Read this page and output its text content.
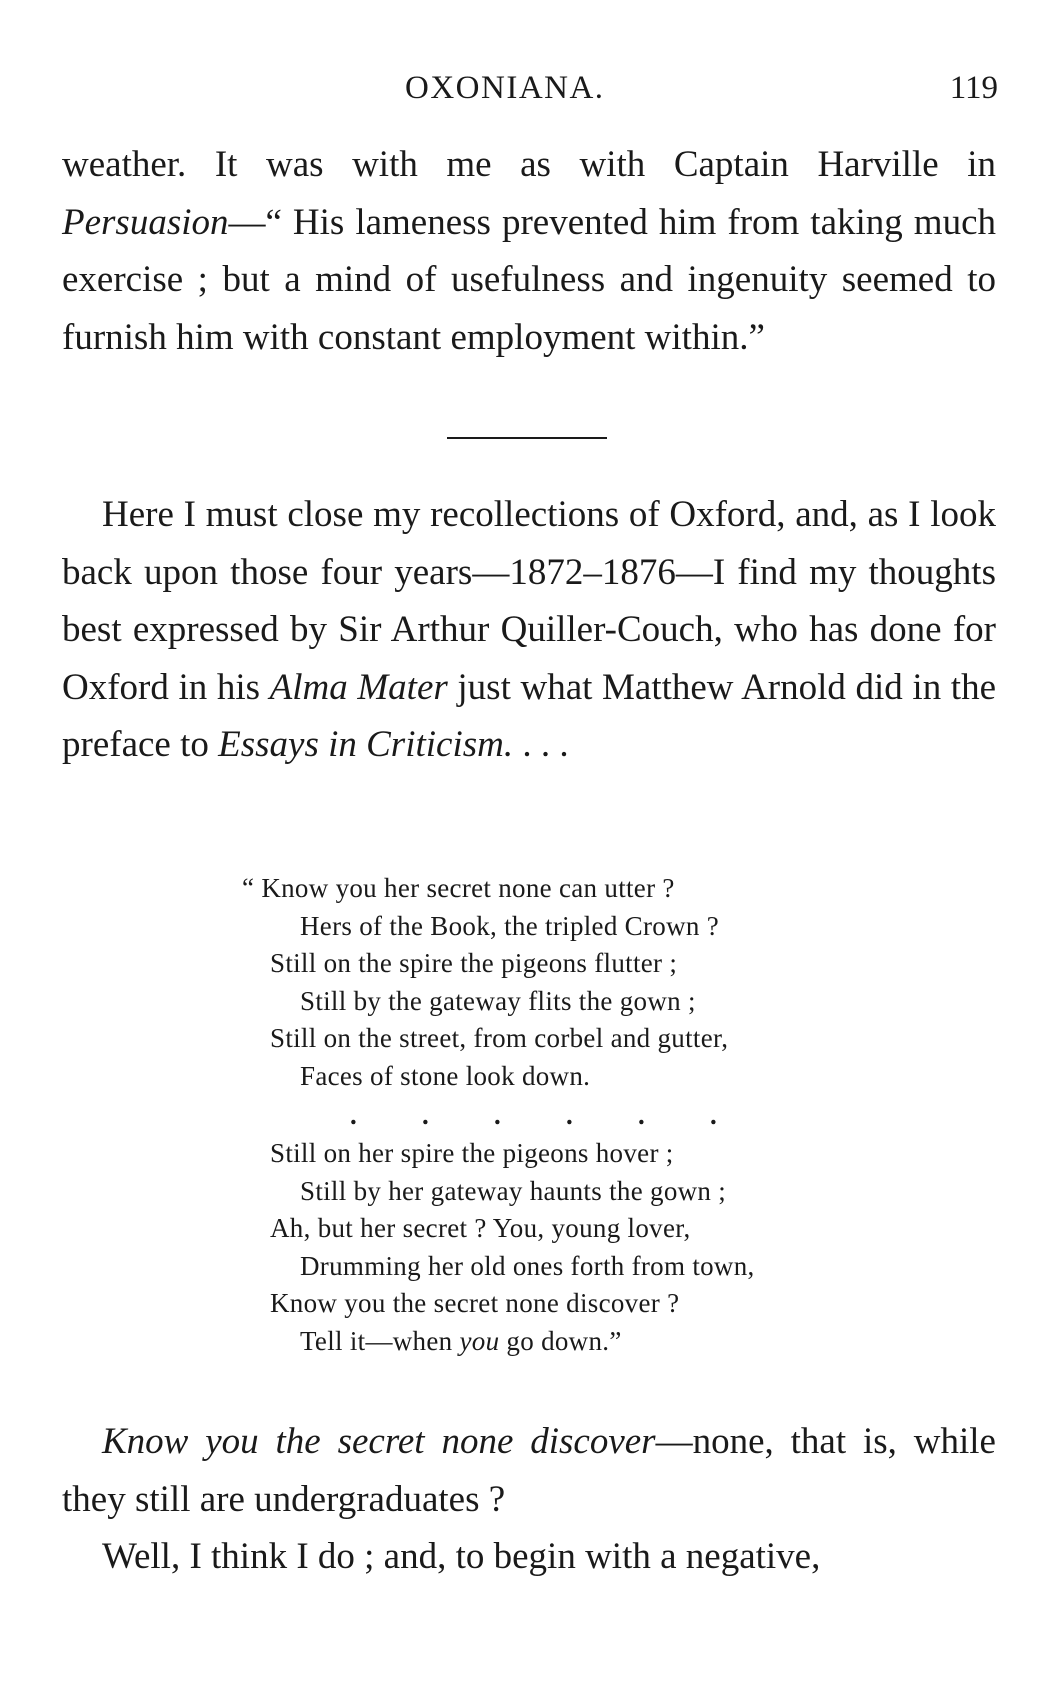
OXONIANA.	119

weather. It was with me as with Captain Harville in Persuasion—“ His lameness prevented him from taking much exercise ; but a mind of usefulness and ingenuity seemed to furnish him with constant employment within.”

Here I must close my recollections of Oxford, and, as I look back upon those four years—1872–1876—I find my thoughts best expressed by Sir Arthur Quiller-Couch, who has done for Oxford in his Alma Mater just what Matthew Arnold did in the preface to Essays in Criticism. . . .

“ Know you her secret none can utter ?
Hers of the Book, the tripled Crown ?
Still on the spire the pigeons flutter ;
Still by the gateway flits the gown ;
Still on the street, from corbel and gutter,
Faces of stone look down.
. . . . . .
Still on her spire the pigeons hover ;
Still by her gateway haunts the gown ;
Ah, but her secret ? You, young lover,
Drumming her old ones forth from town,
Know you the secret none discover ?
Tell it—when you go down.”

Know you the secret none discover—none, that is, while they still are undergraduates ?

Well, I think I do ; and, to begin with a negative,
